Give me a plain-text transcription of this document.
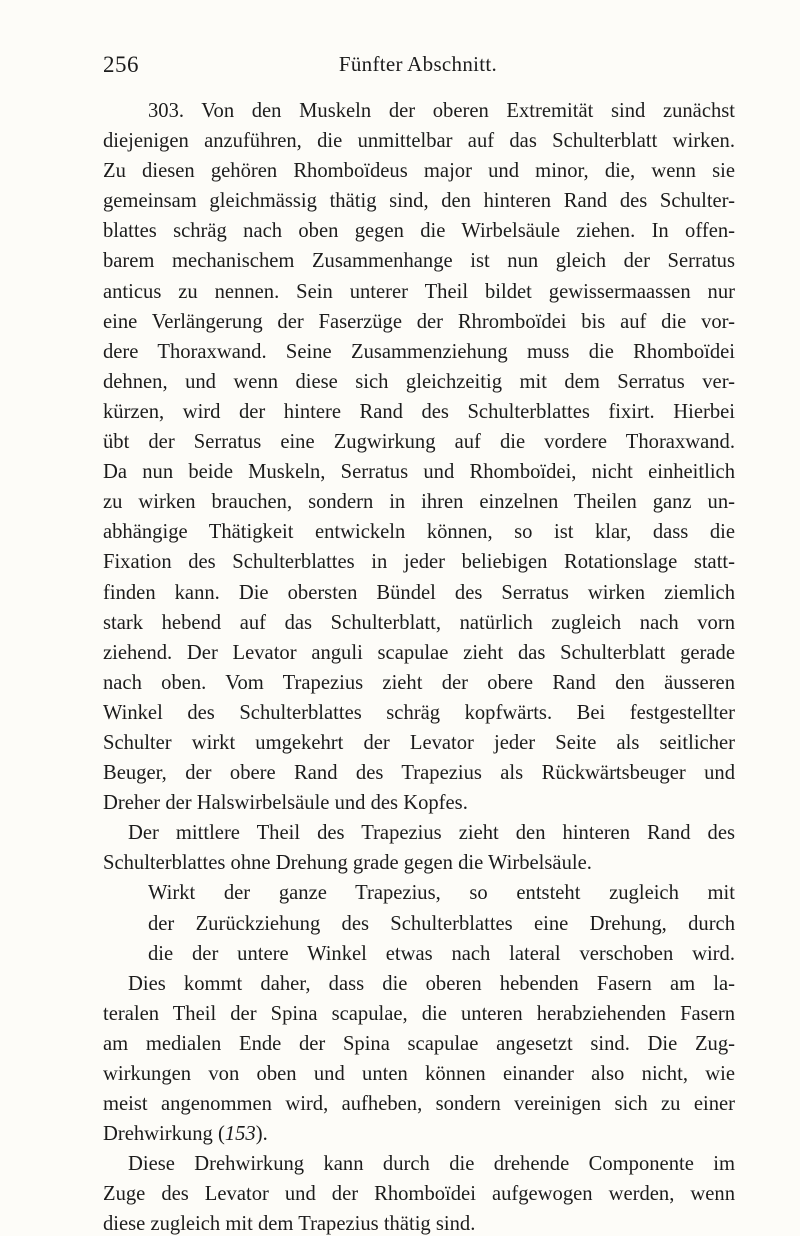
256	Fünfter Abschnitt.
303. Von den Muskeln der oberen Extremität sind zunächst
diejenigen anzuführen, die unmittelbar auf das Schulterblatt wirken.
Zu diesen gehören Rhomboïdeus major und minor, die, wenn sie
gemeinsam gleichmässig thätig sind, den hinteren Rand des Schulter-
blattes schräg nach oben gegen die Wirbelsäule ziehen. In offen-
barem mechanischem Zusammenhange ist nun gleich der Serratus
anticus zu nennen. Sein unterer Theil bildet gewissermaassen nur
eine Verlängerung der Faserzüge der Rhromboïdei bis auf die vor-
dere Thoraxwand. Seine Zusammenziehung muss die Rhomboïdei
dehnen, und wenn diese sich gleichzeitig mit dem Serratus ver-
kürzen, wird der hintere Rand des Schulterblattes fixirt. Hierbei
übt der Serratus eine Zugwirkung auf die vordere Thoraxwand.
Da nun beide Muskeln, Serratus und Rhomboïdei, nicht einheitlich
zu wirken brauchen, sondern in ihren einzelnen Theilen ganz un-
abhängige Thätigkeit entwickeln können, so ist klar, dass die
Fixation des Schulterblattes in jeder beliebigen Rotationslage statt-
finden kann. Die obersten Bündel des Serratus wirken ziemlich
stark hebend auf das Schulterblatt, natürlich zugleich nach vorn
ziehend. Der Levator anguli scapulae zieht das Schulterblatt gerade
nach oben. Vom Trapezius zieht der obere Rand den äusseren
Winkel des Schulterblattes schräg kopfwärts. Bei festgestellter
Schulter wirkt umgekehrt der Levator jeder Seite als seitlicher
Beuger, der obere Rand des Trapezius als Rückwärtsbeuger und
Dreher der Halswirbelsäule und des Kopfes.
Der mittlere Theil des Trapezius zieht den hinteren Rand des
Schulterblattes ohne Drehung grade gegen die Wirbelsäule.
Wirkt der ganze Trapezius, so entsteht zugleich mit
der Zurückziehung des Schulterblattes eine Drehung, durch
die der untere Winkel etwas nach lateral verschoben wird.
Dies kommt daher, dass die oberen hebenden Fasern am la-
teralen Theil der Spina scapulae, die unteren herabziehenden Fasern
am medialen Ende der Spina scapulae angesetzt sind. Die Zug-
wirkungen von oben und unten können einander also nicht, wie
meist angenommen wird, aufheben, sondern vereinigen sich zu einer
Drehwirkung (153).
Diese Drehwirkung kann durch die drehende Componente im
Zuge des Levator und der Rhomboïdei aufgewogen werden, wenn
diese zugleich mit dem Trapezius thätig sind.
